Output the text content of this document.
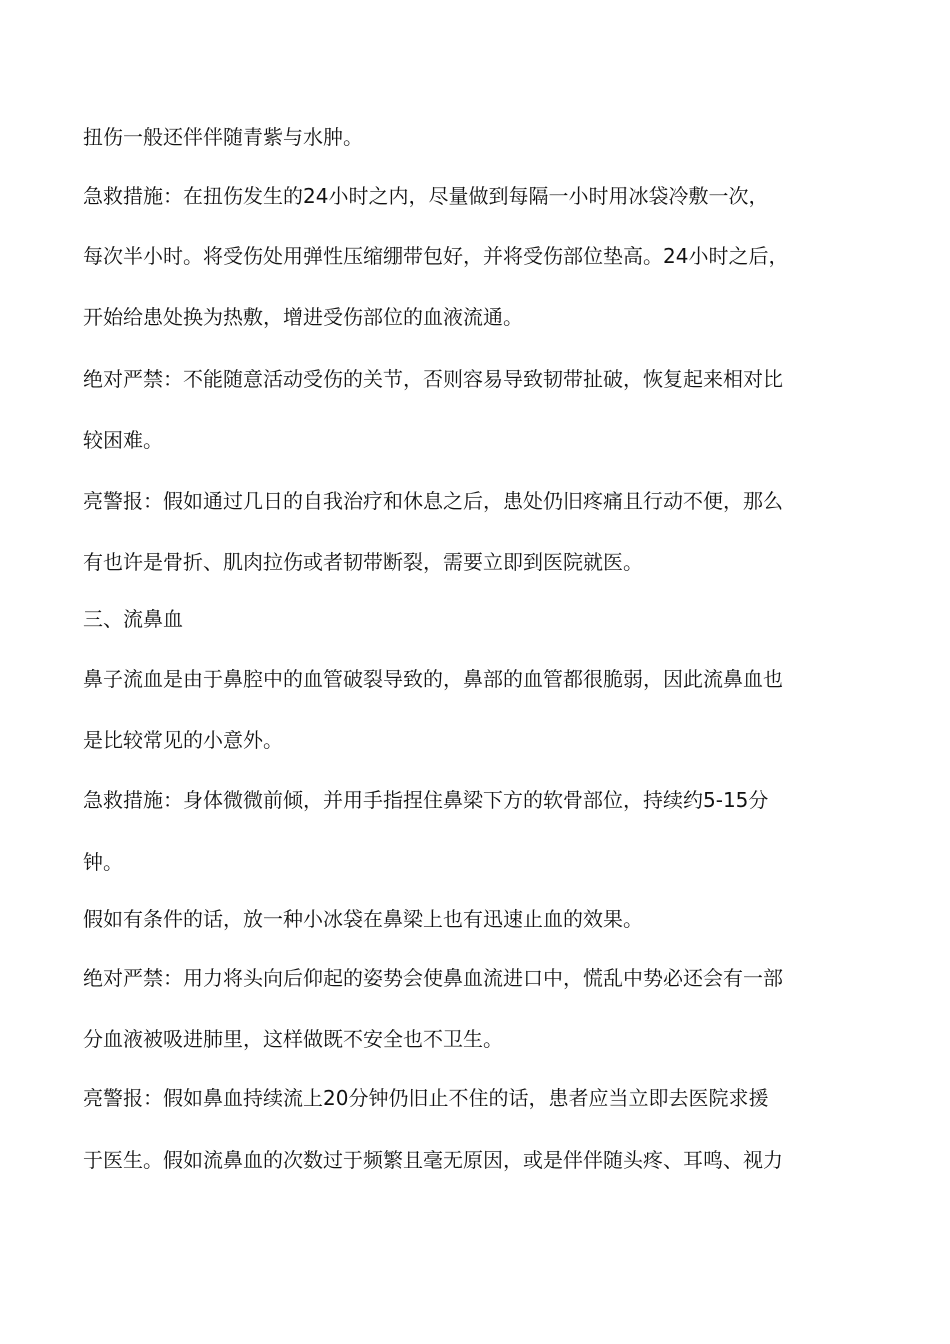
扭伤一般还伴伴随青紫与水肿。
急救措施：在扭伤发生的24小时之内，尽量做到每隔一小时用冰袋冷敷一次，
每次半小时。将受伤处用弹性压缩绷带包好，并将受伤部位垫高。24小时之后，
开始给患处换为热敷，增进受伤部位的血液流通。
绝对严禁：不能随意活动受伤的关节，否则容易导致韧带扯破，恢复起来相对比
较困难。
亮警报：假如通过几日的自我治疗和休息之后，患处仍旧疼痛且行动不便，那么
有也许是骨折、肌肉拉伤或者韧带断裂，需要立即到医院就医。
三、流鼻血
鼻子流血是由于鼻腔中的血管破裂导致的，鼻部的血管都很脆弱，因此流鼻血也
是比较常见的小意外。
急救措施：身体微微前倾，并用手指捏住鼻梁下方的软骨部位，持续约5-15分
钟。
假如有条件的话，放一种小冰袋在鼻梁上也有迅速止血的效果。
绝对严禁：用力将头向后仰起的姿势会使鼻血流进口中，慌乱中势必还会有一部
分血液被吸进肺里，这样做既不安全也不卫生。
亮警报：假如鼻血持续流上20分钟仍旧止不住的话，患者应当立即去医院求援
于医生。假如流鼻血的次数过于频繁且毫无原因，或是伴伴随头疼、耳鸣、视力
